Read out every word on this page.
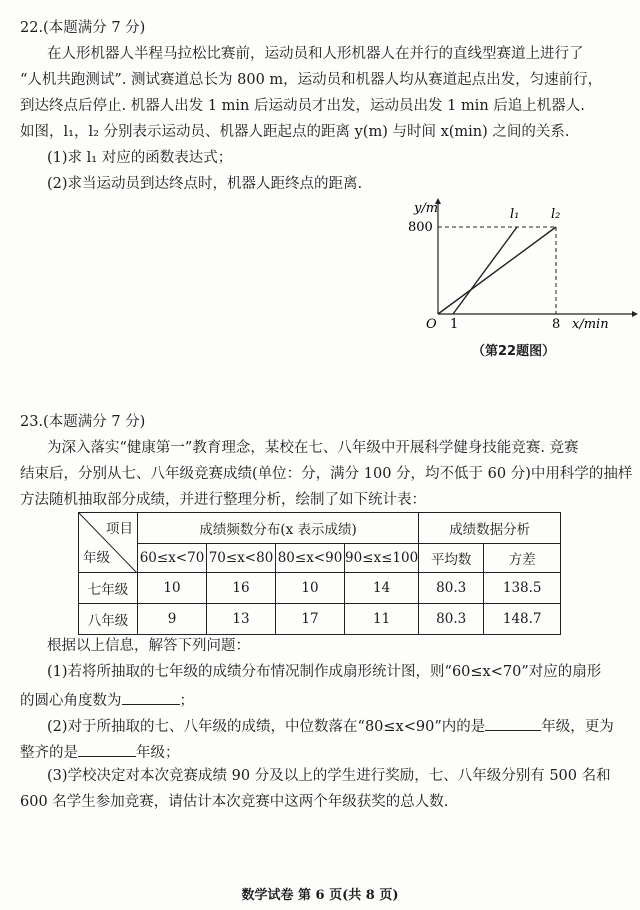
22.(本题满分 7 分)
在人形机器人半程马拉松比赛前，运动员和人形机器人在并行的直线型赛道上进行了
“人机共跑测试”. 测试赛道总长为 800 m，运动员和机器人均从赛道起点出发，匀速前行，
到达终点后停止. 机器人出发 1 min 后运动员才出发，运动员出发 1 min 后追上机器人.
如图，l₁，l₂ 分别表示运动员、机器人距起点的距离 y(m) 与时间 x(min) 之间的关系.
(1)求 l₁ 对应的函数表达式；
(2)求当运动员到达终点时，机器人距终点的距离.
y/m
800
O 1	8 x/min
l₁ l₂
（第22题图）
23.(本题满分 7 分)
为深入落实“健康第一”教育理念，某校在七、八年级中开展科学健身技能竞赛. 竞赛
结束后，分别从七、八年级竞赛成绩(单位：分，满分 100 分，均不低于 60 分)中用科学的抽样
方法随机抽取部分成绩，并进行整理分析，绘制了如下统计表：
项目
年级	成绩频数分布(x 表示成绩)				成绩数据分析	
	60≤x<70	70≤x<80	80≤x<90	90≤x≤100	平均数	方差
七年级	10	16	10	14	80.3	138.5
八年级	9	13	17	11	80.3	148.7
根据以上信息，解答下列问题：
(1)若将所抽取的七年级的成绩分布情况制作成扇形统计图，则“60≤x<70”对应的扇形
的圆心角度数为	；
(2)对于所抽取的七、八年级的成绩，中位数落在“80≤x<90”内的是	年级，更为
整齐的是	年级；
(3)学校决定对本次竞赛成绩 90 分及以上的学生进行奖励，七、八年级分别有 500 名和
600 名学生参加竞赛，请估计本次竞赛中这两个年级获奖的总人数.
数学试卷 第 6 页(共 8 页)
